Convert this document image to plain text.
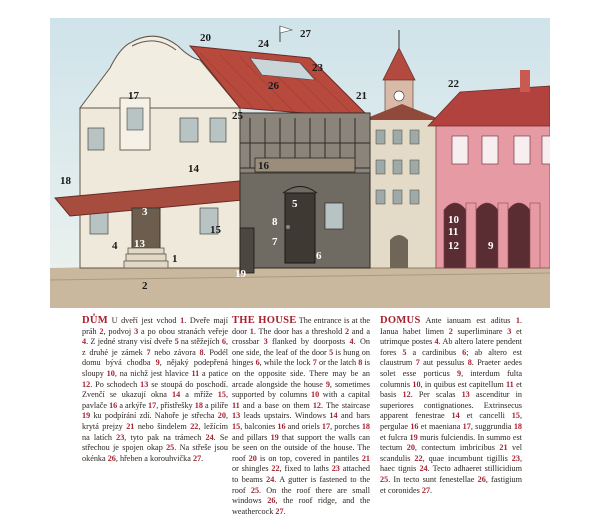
1
2
3
4
5
6
7
8
9
10
11
12
13
14
15
16
17
18
19
20
21
22
23
24
25
26
27
DŮM U dveří jest vchod 1. Dveře mají práh 2, podvoj 3 a po obou stranách veřeje 4. Z jedné strany visí dveře 5 na stěžejích 6, z druhé je zámek 7 nebo závora 8. Podél domu bývá chodba 9, nějaký podepřená sloupy 10, na nichž jest hlavice 11 a patice 12. Po schodech 13 se stoupá do poschodí. Zvenčí se ukazují okna 14 a mříže 15, pavlače 16 a arkýře 17, přístřešky 18 a pilíře 19 ku podpírání zdí. Nahoře je střecha 20, krytá prejzy 21 nebo šindelem 22, ležícím na latích 23, tyto pak na trámech 24. Se střechou je spojen okap 25. Na střeše jsou okénka 26, hřeben a korouhvička 27.
THE HOUSE The entrance is at the door 1. The door has a threshold 2 and a crossbar 3 flanked by doorposts 4. On one side, the leaf of the door 5 is hung on hinges 6, while the lock 7 or the latch 8 is on the opposite side. There may be an arcade alongside the house 9, sometimes supported by columns 10 with a capital 11 and a base on them 12. The staircase 13 leads upstairs. Windows 14 and bars 15, balconies 16 and oriels 17, porches 18 and pillars 19 that support the walls can be seen on the outside of the house. The roof 20 is on top, covered in pantiles 21 or shingles 22, fixed to laths 23 attached to beams 24. A gutter is fastened to the roof 25. On the roof there are small windows 26, the roof ridge, and the weathercock 27.
DOMUS Ante ianuam est aditus 1. Ianua habet limen 2 superliminare 3 et utrimque postes 4. Ab altero latere pendent fores 5 a cardinibus 6; ab altero est claustrum 7 aut pessulus 8. Praeter aedes solet esse porticus 9, interdum fulta columnis 10, in quibus est capitellum 11 et basis 12. Per scalas 13 ascenditur in superiores contignationes. Extrinsecus apparent fenestrae 14 et cancelli 15, pergulae 16 et maeniana 17, suggrundia 18 et fulcra 19 muris fulciendis. In summo est tectum 20, contectum imbricibus 21 vel scandulis 22, quae incumbunt tigillis 23, haec tignis 24. Tecto adhaeret stillicidium 25. In tecto sunt fenestellae 26, fastigium et coronides 27.
